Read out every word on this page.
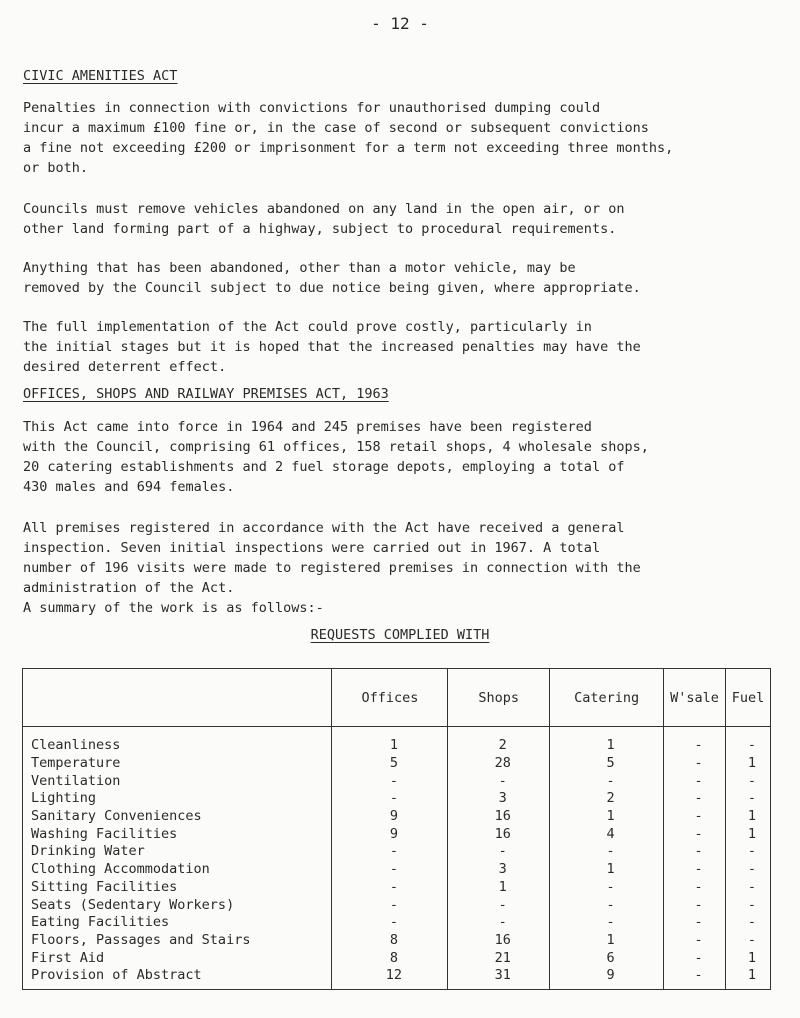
- 12 -
CIVIC AMENITIES ACT

Penalties in connection with convictions for unauthorised dumping could
incur a maximum £100 fine or, in the case of second or subsequent convictions
a fine not exceeding £200 or imprisonment for a term not exceeding three months,
or both.

Councils must remove vehicles abandoned on any land in the open air, or on
other land forming part of a highway, subject to procedural requirements.

Anything that has been abandoned, other than a motor vehicle, may be
removed by the Council subject to due notice being given, where appropriate.

The full implementation of the Act could prove costly, particularly in
the initial stages but it is hoped that the increased penalties may have the
desired deterrent effect.

OFFICES, SHOPS AND RAILWAY PREMISES ACT, 1963

This Act came into force in 1964 and 245 premises have been registered
with the Council, comprising 61 offices, 158 retail shops, 4 wholesale shops,
20 catering establishments and 2 fuel storage depots, employing a total of
430 males and 694 females.

All premises registered in accordance with the Act have received a general
inspection. Seven initial inspections were carried out in 1967. A total
number of 196 visits were made to registered premises in connection with the
administration of the Act.

A summary of the work is as follows:-

REQUESTS COMPLIED WITH
	Offices	Shops	Catering	W'sale	Fuel
Cleanliness	1	2	1	-	-
Temperature	5	28	5	-	1
Ventilation	-	-	-	-	-
Lighting	-	3	2	-	-
Sanitary Conveniences	9	16	1	-	1
Washing Facilities	9	16	4	-	1
Drinking Water	-	-	-	-	-
Clothing Accommodation	-	3	1	-	-
Sitting Facilities	-	1	-	-	-
Seats (Sedentary Workers)	-	-	-	-	-
Eating Facilities	-	-	-	-	-
Floors, Passages and Stairs	8	16	1	-	-
First Aid	8	21	6	-	1
Provision of Abstract	12	31	9	-	1
